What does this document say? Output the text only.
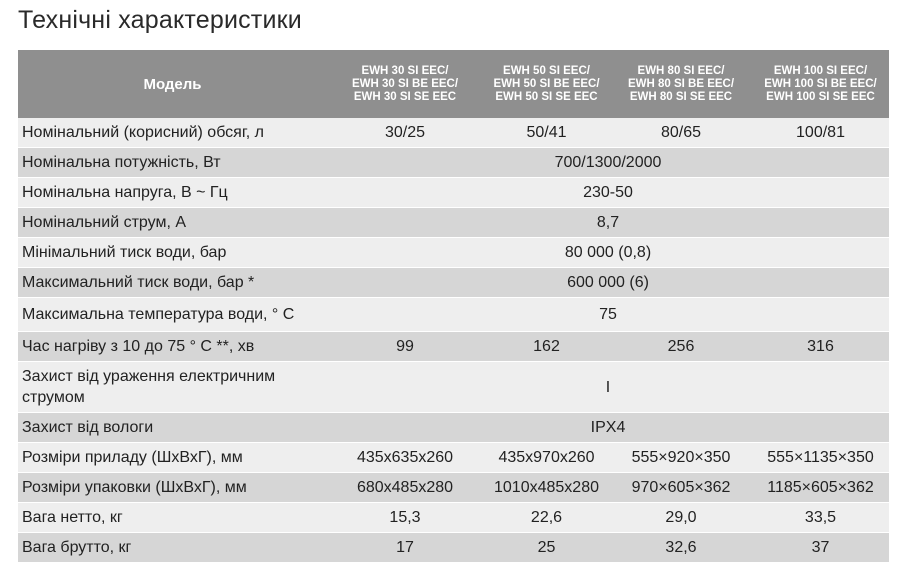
Технічні характеристики
Модель	EWH 30 SI EEC/
EWH 30 SI BE EEC/
EWH 30 SI SE EEC	EWH 50 SI EEC/
EWH 50 SI BE EEC/
EWH 50 SI SE EEC	EWH 80 SI EEC/
EWH 80 SI BE EEC/
EWH 80 SI SE EEC	EWH 100 SI EEC/
EWH 100 SI BE EEC/
EWH 100 SI SE EEC

Номінальний (корисний) обсяг, л	30/25	50/41	80/65	100/81
Номінальна потужність, Вт	700/1300/2000			
Номінальна напруга, В ~ Гц	230-50			
Номінальний струм, А	8,7			
Мінімальний тиск води, бар	80 000 (0,8)			
Максимальний тиск води, бар *	600 000 (6)			
Максимальна температура води, ° С	75			
Час нагріву з 10 до 75 ° С **, хв	99	162	256	316
Захист від ураження електричним струмом	I			
Захист від вологи	IPX4			
Розміри приладу (ШхВхГ), мм	435x635x260	435x970x260	555×920×350	555×1135×350
Розміри упаковки (ШхВхГ), мм	680x485x280	1010x485x280	970×605×362	1185×605×362
Вага нетто, кг	15,3	22,6	29,0	33,5
Вага брутто, кг	17	25	32,6	37
